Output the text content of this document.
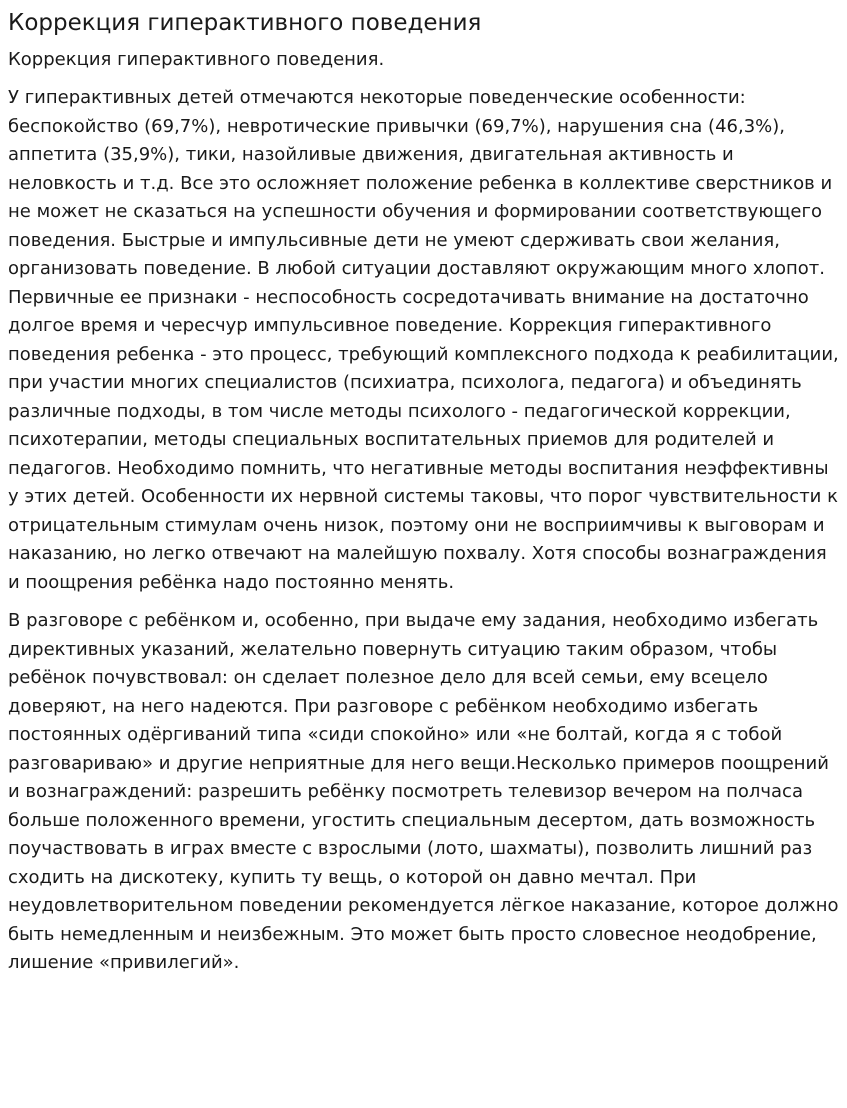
Коррекция гиперактивного поведения

Коррекция гиперактивного поведения.

У гиперактивных детей отмечаются некоторые поведенческие особенности: беспокойство (69,7%), невротические привычки (69,7%), нарушения сна (46,3%), аппетита (35,9%), тики, назойливые движения, двигательная активность и неловкость и т.д. Все это осложняет положение ребенка в коллективе сверстников и не может не сказаться на успешности обучения и формировании соответствующего поведения. Быстрые и импульсивные дети не умеют сдерживать свои желания, организовать поведение. В любой ситуации доставляют окружающим много хлопот. Первичные ее признаки - неспособность сосредотачивать внимание на достаточно долгое время и чересчур импульсивное поведение. Коррекция гиперактивного поведения ребенка - это процесс, требующий комплексного подхода к реабилитации, при участии многих специалистов (психиатра, психолога, педагога) и объединять различные подходы, в том числе методы психолого - педагогической коррекции, психотерапии, методы специальных воспитательных приемов для родителей и педагогов. Необходимо помнить, что негативные методы воспитания неэффективны у этих детей. Особенности их нервной системы таковы, что порог чувствительности к отрицательным стимулам очень низок, поэтому они не восприимчивы к выговорам и наказанию, но легко отвечают на малейшую похвалу. Хотя способы вознаграждения и поощрения ребёнка надо постоянно менять.

В разговоре с ребёнком и, особенно, при выдаче ему задания, необходимо избегать директивных указаний, желательно повернуть ситуацию таким образом, чтобы ребёнок почувствовал: он сделает полезное дело для всей семьи, ему всецело доверяют, на него надеются. При разговоре с ребёнком необходимо избегать постоянных одёргиваний типа «сиди спокойно» или «не болтай, когда я с тобой разговариваю» и другие неприятные для него вещи.Несколько примеров поощрений и вознаграждений: разрешить ребёнку посмотреть телевизор вечером на полчаса больше положенного времени, угостить специальным десертом, дать возможность поучаствовать в играх вместе с взрослыми (лото, шахматы), позволить лишний раз сходить на дискотеку, купить ту вещь, о которой он давно мечтал. При неудовлетворительном поведении рекомендуется лёгкое наказание, которое должно быть немедленным и неизбежным. Это может быть просто словесное неодобрение, лишение «привилегий».
